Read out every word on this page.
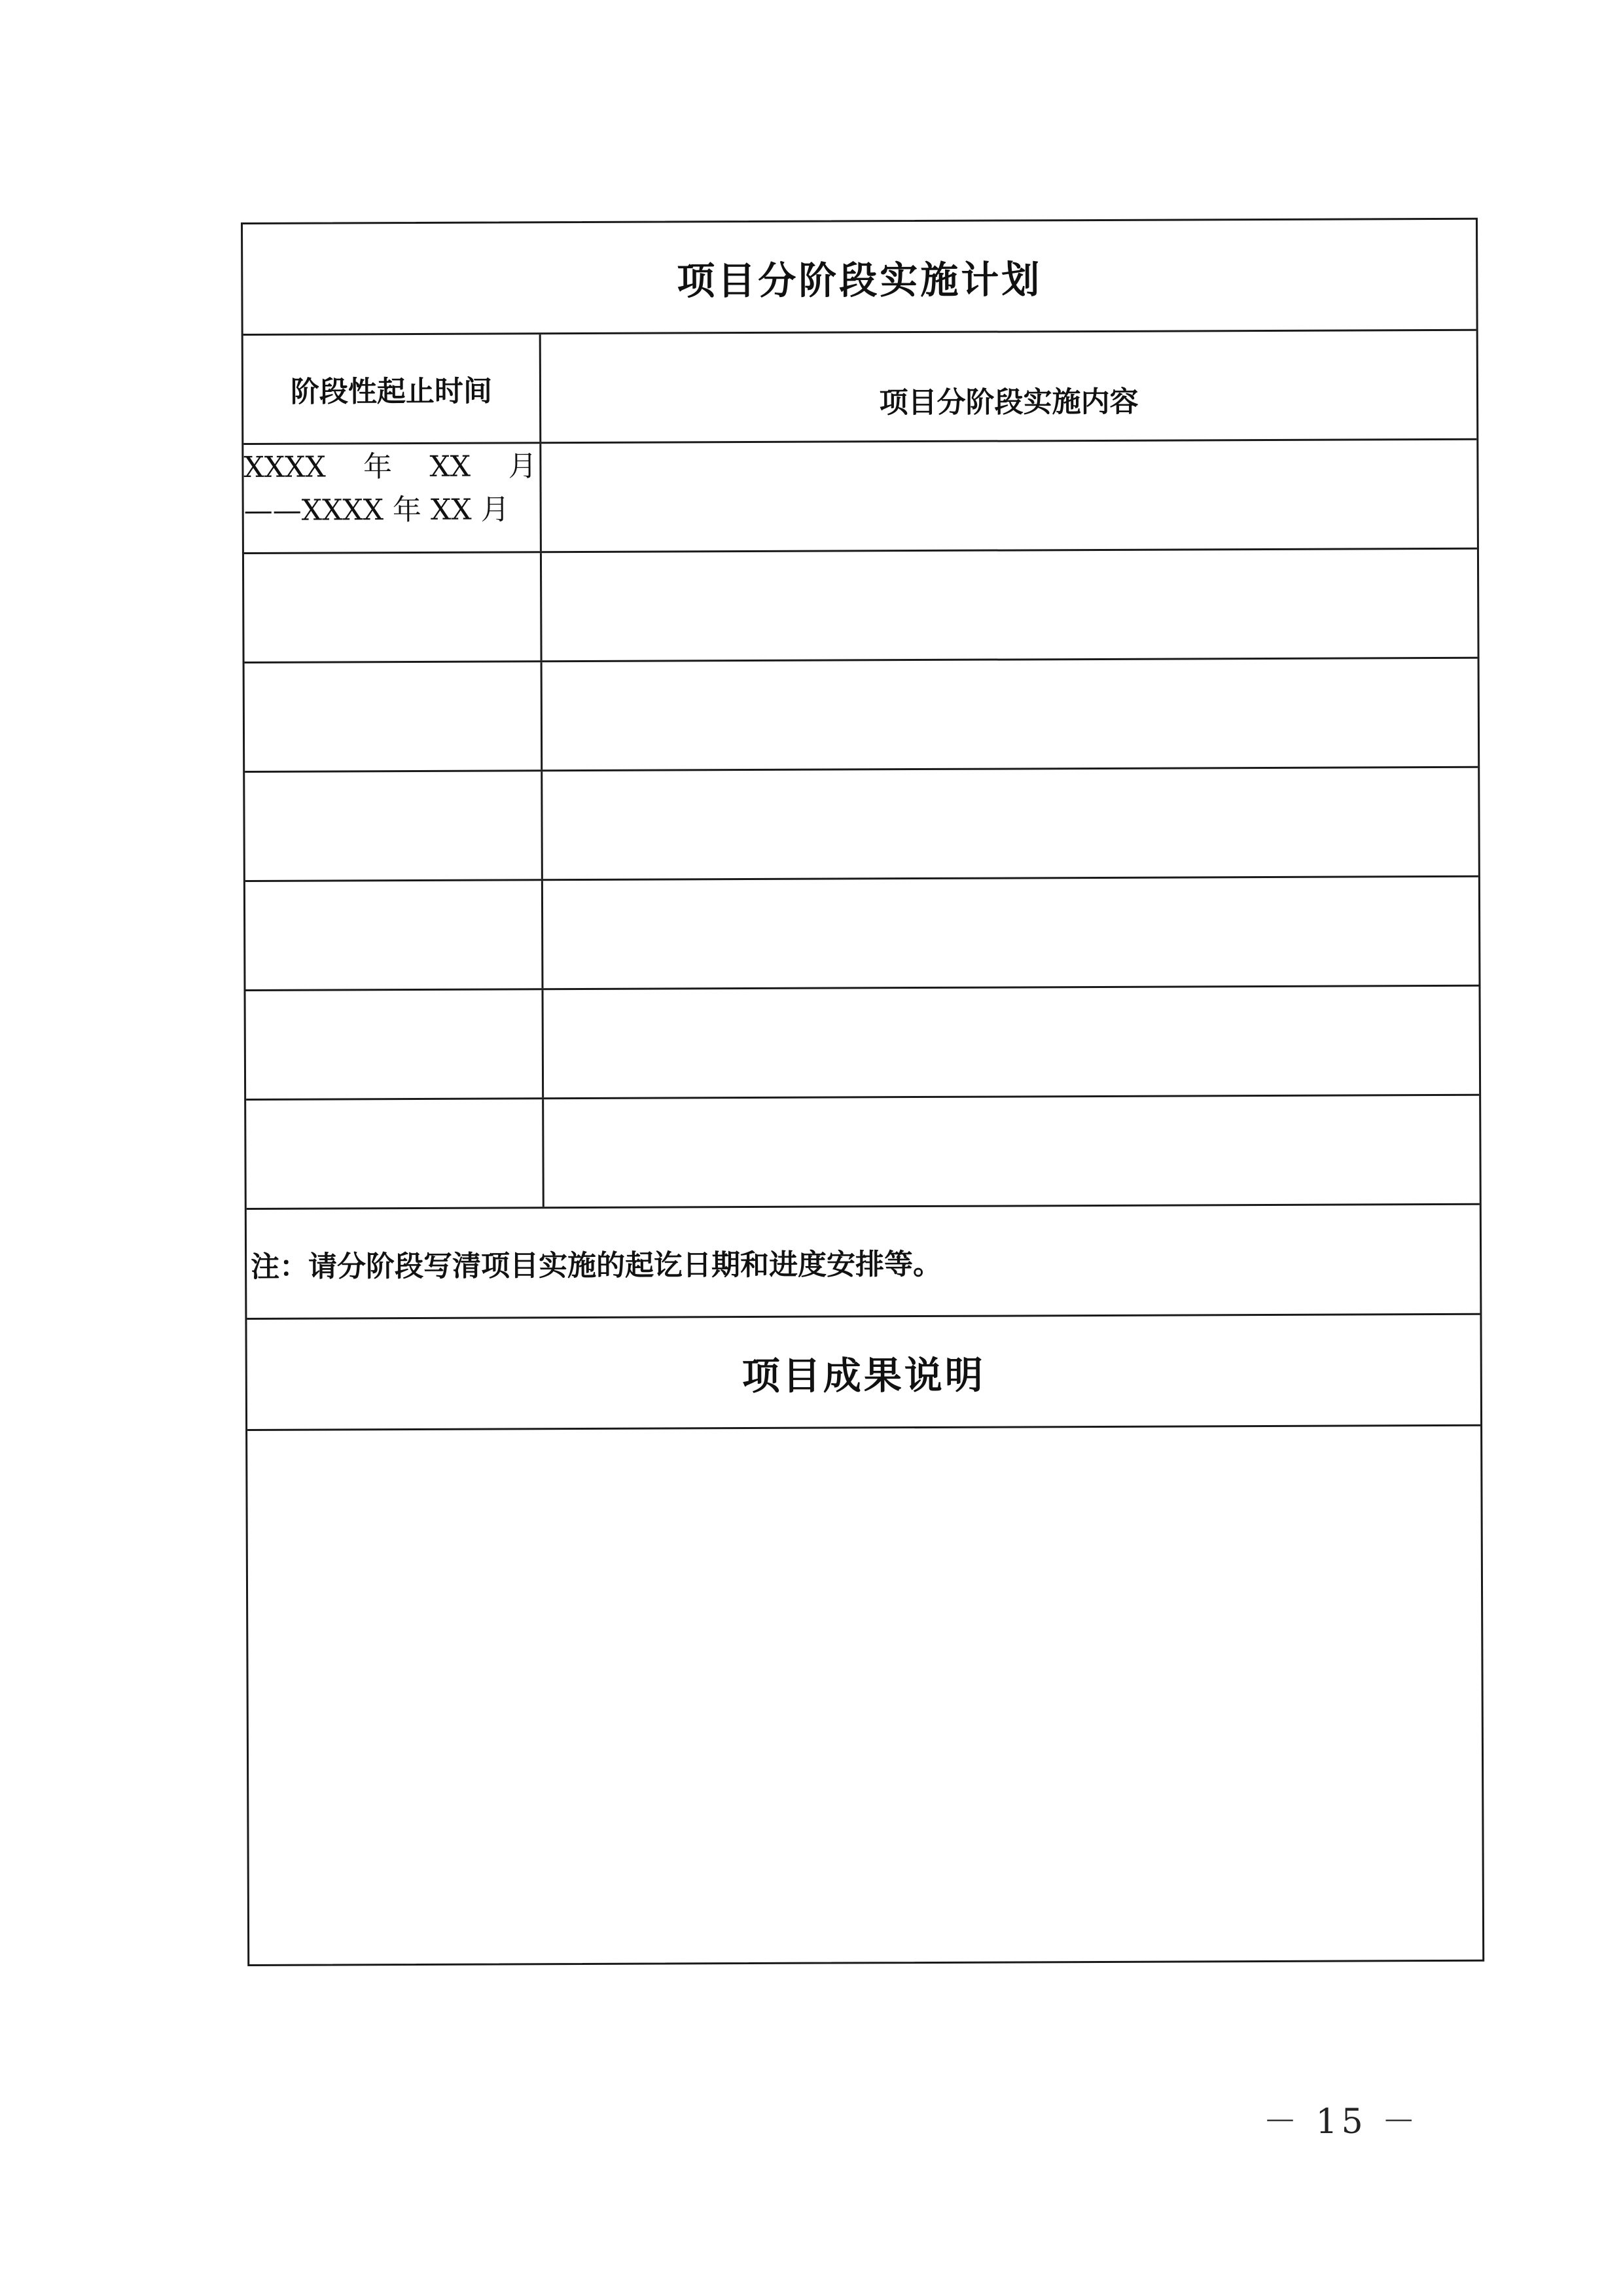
项目分阶段实施计划
阶段性起止时间	项目分阶段实施内容
XXXX 年 XX 月
——XXXX 年 XX 月
注：请分阶段写清项目实施的起讫日期和进度安排等。
项目成果说明
－ 15 －
